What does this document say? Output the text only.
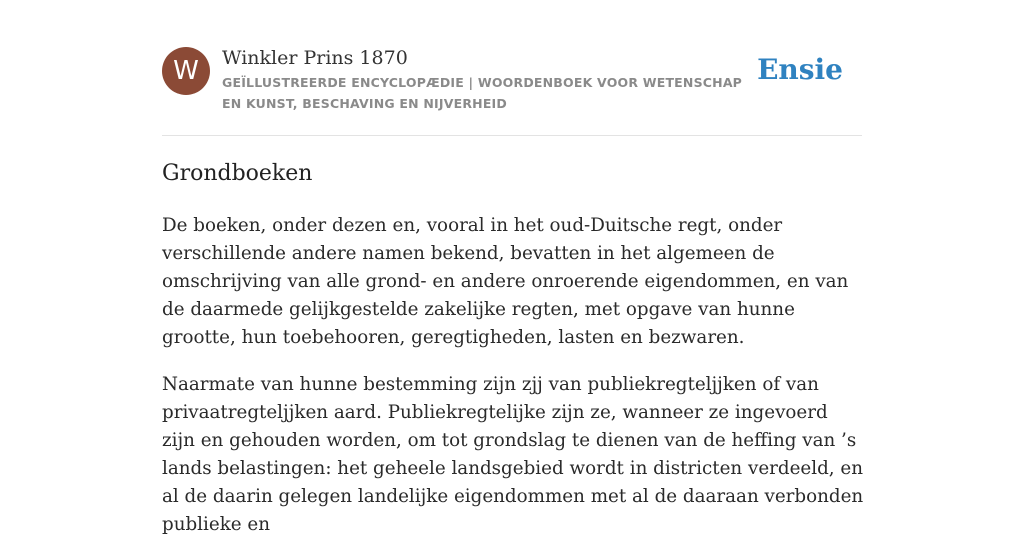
W	Winkler Prins 1870
GEÏLLUSTREERDE ENCYCLOPÆDIE | WOORDENBOEK VOOR WETENSCHAP EN KUNST, BESCHAVING EN NIJVERHEID
Ensie
Grondboeken

De boeken, onder dezen en, vooral in het oud-Duitsche regt, onder verschillende andere namen bekend, bevatten in het algemeen de omschrijving van alle grond- en andere onroerende eigendommen, en van de daarmede gelijkgestelde zakelijke regten, met opgave van hunne grootte, hun toebehooren, geregtigheden, lasten en bezwaren.

Naarmate van hunne bestemming zijn zjj van publiekregteljjken of van privaatregteljjken aard. Publiekregtelijke zijn ze, wanneer ze ingevoerd zijn en gehouden worden, om tot grondslag te dienen van de heffing van ’s lands belastingen: het geheele landsgebied wordt in districten verdeeld, en al de daarin gelegen landelijke eigendommen met al de daaraan verbonden publieke en
